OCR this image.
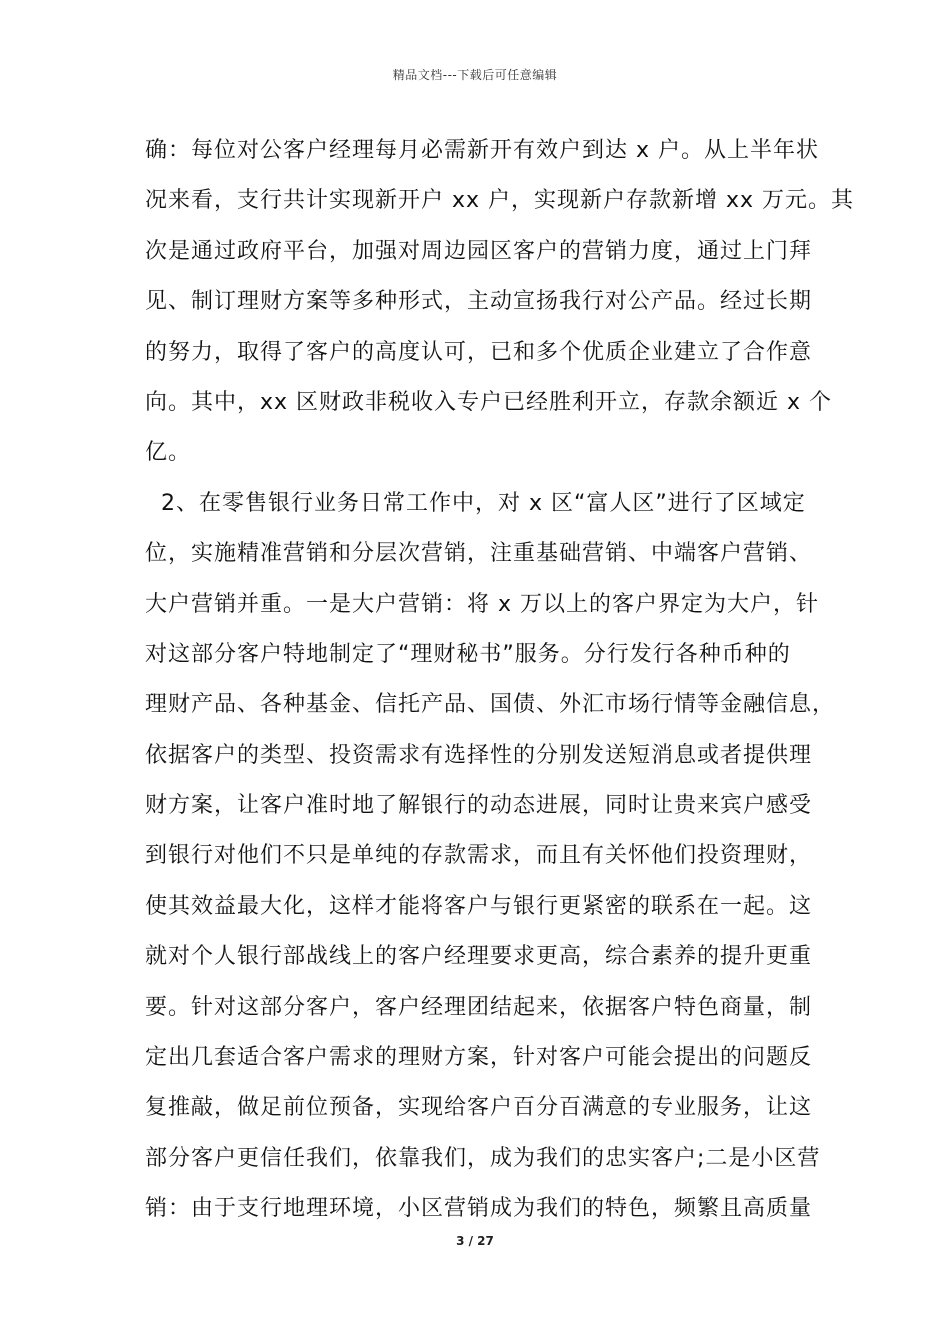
精品文档---下载后可任意编辑
确：每位对公客户经理每月必需新开有效户到达 x 户。从上半年状
况来看，支行共计实现新开户 xx 户，实现新户存款新增 xx 万元。其
次是通过政府平台，加强对周边园区客户的营销力度，通过上门拜
见、制订理财方案等多种形式，主动宣扬我行对公产品。经过长期
的努力，取得了客户的高度认可，已和多个优质企业建立了合作意
向。其中，xx 区财政非税收入专户已经胜利开立，存款余额近 x 个
亿。
2、在零售银行业务日常工作中，对 x 区“富人区”进行了区域定
位，实施精准营销和分层次营销，注重基础营销、中端客户营销、
大户营销并重。一是大户营销：将 x 万以上的客户界定为大户，针
对这部分客户特地制定了“理财秘书”服务。分行发行各种币种的
理财产品、各种基金、信托产品、国债、外汇市场行情等金融信息，
依据客户的类型、投资需求有选择性的分别发送短消息或者提供理
财方案，让客户准时地了解银行的动态进展，同时让贵来宾户感受
到银行对他们不只是单纯的存款需求，而且有关怀他们投资理财，
使其效益最大化，这样才能将客户与银行更紧密的联系在一起。这
就对个人银行部战线上的客户经理要求更高，综合素养的提升更重
要。针对这部分客户，客户经理团结起来，依据客户特色商量，制
定出几套适合客户需求的理财方案，针对客户可能会提出的问题反
复推敲，做足前位预备，实现给客户百分百满意的专业服务，让这
部分客户更信任我们，依靠我们，成为我们的忠实客户;二是小区营
销：由于支行地理环境，小区营销成为我们的特色，频繁且高质量
3 / 27
